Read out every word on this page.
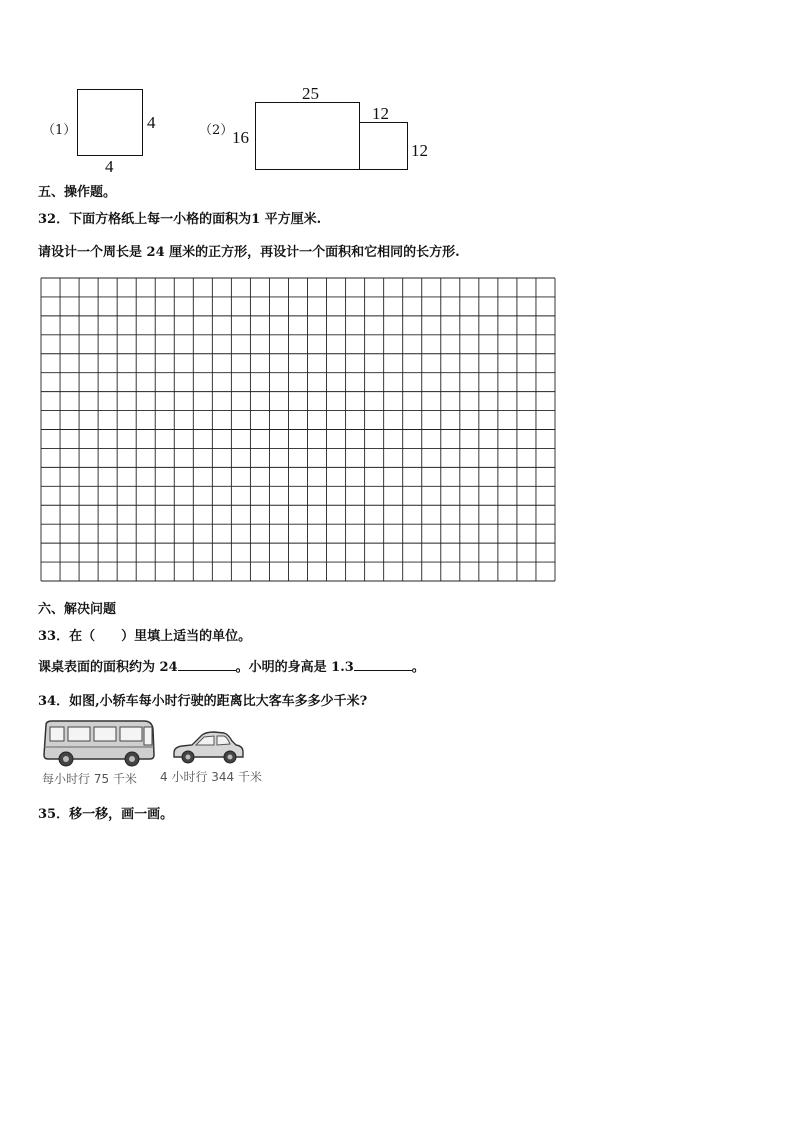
（1）	4
4
（2）
25
16
12
12
五、操作题。
32．下面方格纸上每一小格的面积为1 平方厘米.
请设计一个周长是 24 厘米的正方形，再设计一个面积和它相同的长方形.
六、解决问题
33．在（　　）里填上适当的单位。
课桌表面的面积约为 24	。小明的身高是 1.3	。
34．如图,小轿车每小时行驶的距离比大客车多多少千米?
每小时行 75 千米 4 小时行 344 千米
35．移一移，画一画。
